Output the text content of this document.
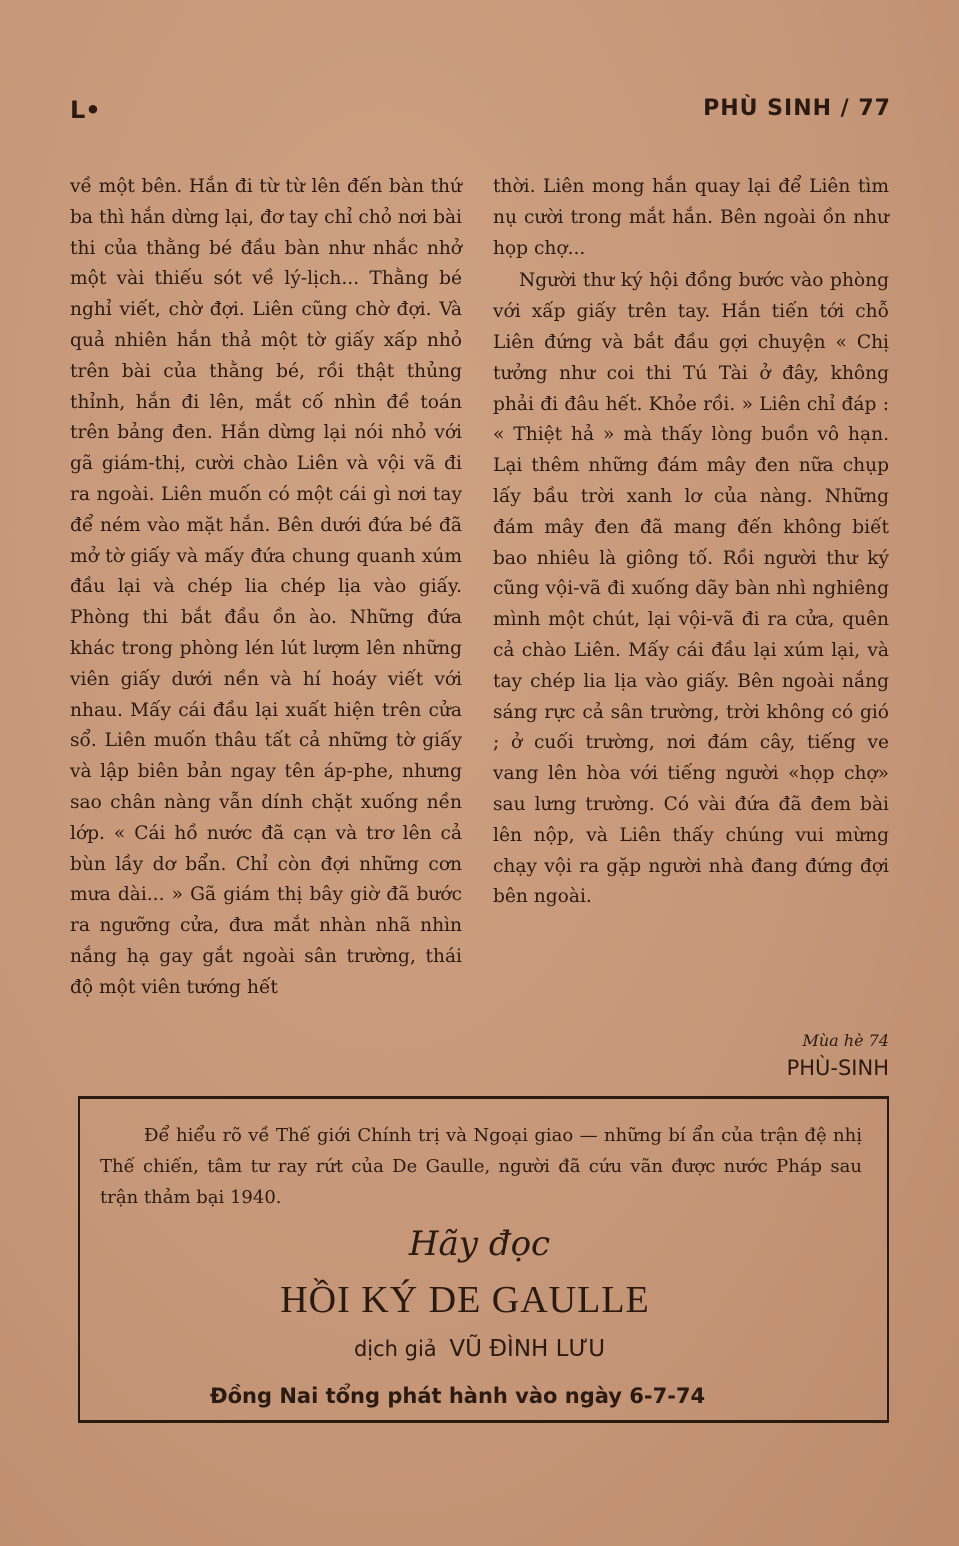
L•	PHÙ SINH / 77

về một bên. Hắn đi từ từ lên đến bàn thứ ba thì hắn dừng lại, đơ tay chỉ chỏ nơi bài thi của thằng bé đầu bàn như nhắc nhở một vài thiếu sót về lý-lịch... Thằng bé nghỉ viết, chờ đợi. Liên cũng chờ đợi. Và quả nhiên hắn thả một tờ giấy xấp nhỏ trên bài của thằng bé, rồi thật thủng thỉnh, hắn đi lên, mắt cố nhìn đề toán trên bảng đen. Hắn dừng lại nói nhỏ với gã giám-thị, cười chào Liên và vội vã đi ra ngoài. Liên muốn có một cái gì nơi tay để ném vào mặt hắn. Bên dưới đứa bé đã mở tờ giấy và mấy đứa chung quanh xúm đầu lại và chép lia chép lịa vào giấy. Phòng thi bắt đầu ồn ào. Những đứa khác trong phòng lén lút lượm lên những viên giấy dưới nền và hí hoáy viết với nhau. Mấy cái đầu lại xuất hiện trên cửa sổ. Liên muốn thâu tất cả những tờ giấy và lập biên bản ngay tên áp-phe, nhưng sao chân nàng vẫn dính chặt xuống nền lớp. « Cái hồ nước đã cạn và trơ lên cả bùn lầy dơ bẩn. Chỉ còn đợi những cơn mưa dài... » Gã giám thị bây giờ đã bước ra ngưỡng cửa, đưa mắt nhàn nhã nhìn nắng hạ gay gắt ngoài sân trường, thái độ một viên tướng hết

thời. Liên mong hắn quay lại để Liên tìm nụ cười trong mắt hắn. Bên ngoài ồn như họp chợ...

Người thư ký hội đồng bước vào phòng với xấp giấy trên tay. Hắn tiến tới chỗ Liên đứng và bắt đầu gợi chuyện « Chị tưởng như coi thi Tú Tài ở đây, không phải đi đâu hết. Khỏe rồi. » Liên chỉ đáp : « Thiệt hả » mà thấy lòng buồn vô hạn. Lại thêm những đám mây đen nữa chụp lấy bầu trời xanh lơ của nàng. Những đám mây đen đã mang đến không biết bao nhiêu là giông tố. Rồi người thư ký cũng vội-vã đi xuống dãy bàn nhì nghiêng mình một chút, lại vội-vã đi ra cửa, quên cả chào Liên. Mấy cái đầu lại xúm lại, và tay chép lia lịa vào giấy. Bên ngoài nắng sáng rực cả sân trường, trời không có gió ; ở cuối trường, nơi đám cây, tiếng ve vang lên hòa với tiếng người «họp chợ» sau lưng trường. Có vài đứa đã đem bài lên nộp, và Liên thấy chúng vui mừng chạy vội ra gặp người nhà đang đứng đợi bên ngoài.

Mùa hè 74
PHÙ-SINH
Để hiểu rõ về Thế giới Chính trị và Ngoại giao — những bí ẩn của trận đệ nhị Thế chiến, tâm tư ray rứt của De Gaulle, người đã cứu vãn được nước Pháp sau trận thảm bại 1940.
Hãy đọc
HỒI KÝ DE GAULLE
dịch giả VŨ ĐÌNH LƯU
Đồng Nai tổng phát hành vào ngày 6-7-74
